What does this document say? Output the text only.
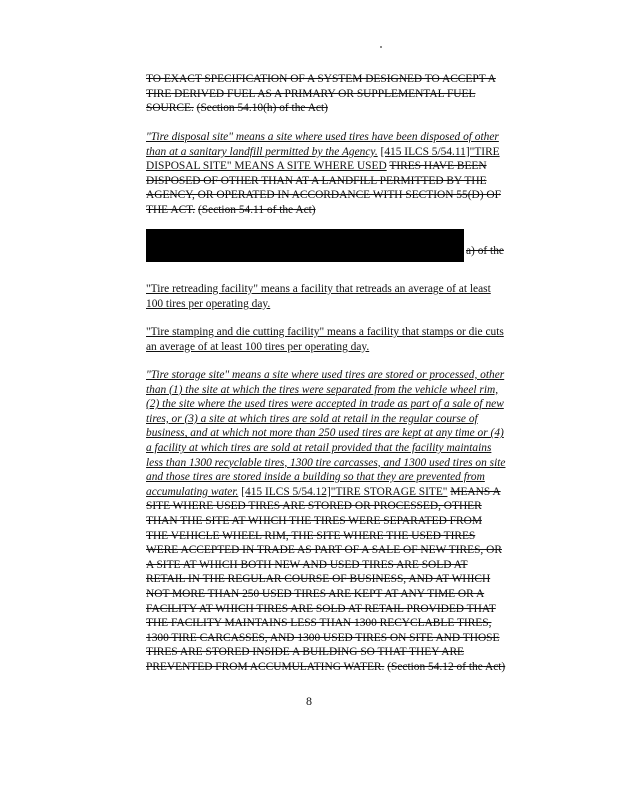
TO EXACT SPECIFICATION OF A SYSTEM DESIGNED TO ACCEPT A TIRE DERIVED FUEL AS A PRIMARY OR SUPPLEMENTAL FUEL SOURCE. (Section 54.10(h) of the Act)

"Tire disposal site" means a site where used tires have been disposed of other than at a sanitary landfill permitted by the Agency. [415 ILCS 5/54.11]"TIRE DISPOSAL SITE" MEANS A SITE WHERE USED TIRES HAVE BEEN DISPOSED OF OTHER THAN AT A LANDFILL PERMITTED BY THE AGENCY, OR OPERATED IN ACCORDANCE WITH SECTION 55(D) OF THE ACT. (Section 54.11 of the Act)

a) of the

"Tire retreading facility" means a facility that retreads an average of at least 100 tires per operating day.

"Tire stamping and die cutting facility" means a facility that stamps or die cuts an average of at least 100 tires per operating day.

"Tire storage site" means a site where used tires are stored or processed, other than (1) the site at which the tires were separated from the vehicle wheel rim, (2) the site where the used tires were accepted in trade as part of a sale of new tires, or (3) a site at which tires are sold at retail in the regular course of business, and at which not more than 250 used tires are kept at any time or (4) a facility at which tires are sold at retail provided that the facility maintains less than 1300 recyclable tires, 1300 tire carcasses, and 1300 used tires on site and those tires are stored inside a building so that they are prevented from accumulating water. [415 ILCS 5/54.12]"TIRE STORAGE SITE" MEANS A SITE WHERE USED TIRES ARE STORED OR PROCESSED, OTHER THAN THE SITE AT WHICH THE TIRES WERE SEPARATED FROM THE VEHICLE WHEEL RIM, THE SITE WHERE THE USED TIRES WERE ACCEPTED IN TRADE AS PART OF A SALE OF NEW TIRES, OR A SITE AT WHICH BOTH NEW AND USED TIRES ARE SOLD AT RETAIL IN THE REGULAR COURSE OF BUSINESS, AND AT WHICH NOT MORE THAN 250 USED TIRES ARE KEPT AT ANY TIME OR A FACILITY AT WHICH TIRES ARE SOLD AT RETAIL PROVIDED THAT THE FACILITY MAINTAINS LESS THAN 1300 RECYCLABLE TIRES, 1300 TIRE CARCASSES, AND 1300 USED TIRES ON SITE AND THOSE TIRES ARE STORED INSIDE A BUILDING SO THAT THEY ARE PREVENTED FROM ACCUMULATING WATER. (Section 54.12 of the Act)

8
